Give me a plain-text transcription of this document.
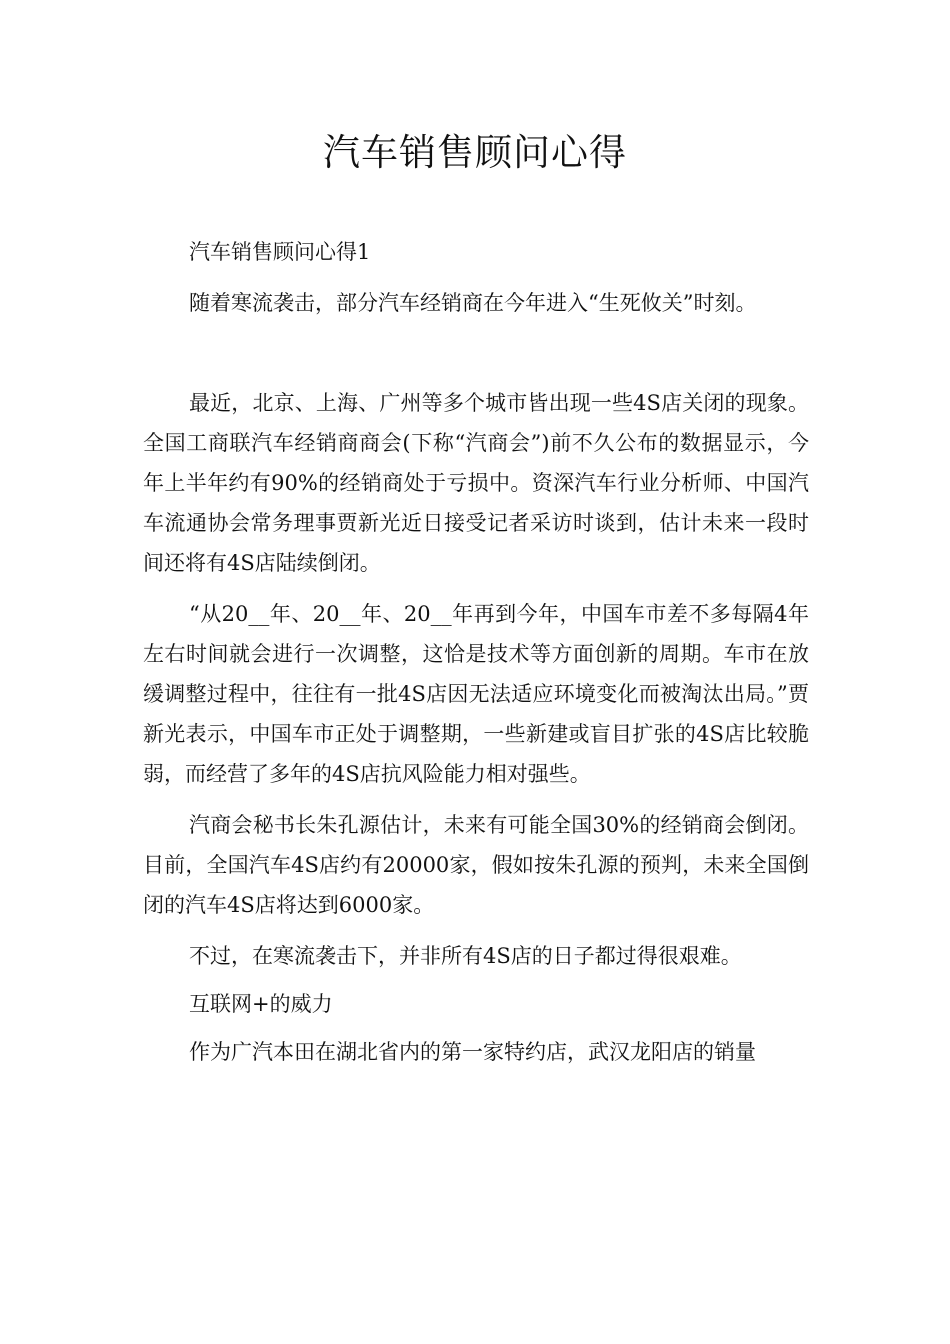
汽车销售顾问心得

汽车销售顾问心得1

随着寒流袭击，部分汽车经销商在今年进入“生死攸关”时刻。

最近，北京、上海、广州等多个城市皆出现一些4S店关闭的现象。全国工商联汽车经销商商会(下称“汽商会”)前不久公布的数据显示，今年上半年约有90%的经销商处于亏损中。资深汽车行业分析师、中国汽车流通协会常务理事贾新光近日接受记者采访时谈到，估计未来一段时间还将有4S店陆续倒闭。

“从20__年、20__年、20__年再到今年，中国车市差不多每隔4年左右时间就会进行一次调整，这恰是技术等方面创新的周期。车市在放缓调整过程中，往往有一批4S店因无法适应环境变化而被淘汰出局。”贾新光表示，中国车市正处于调整期，一些新建或盲目扩张的4S店比较脆弱，而经营了多年的4S店抗风险能力相对强些。

汽商会秘书长朱孔源估计，未来有可能全国30%的经销商会倒闭。目前，全国汽车4S店约有20000家，假如按朱孔源的预判，未来全国倒闭的汽车4S店将达到6000家。

不过，在寒流袭击下，并非所有4S店的日子都过得很艰难。

互联网+的威力

作为广汽本田在湖北省内的第一家特约店，武汉龙阳店的销量
